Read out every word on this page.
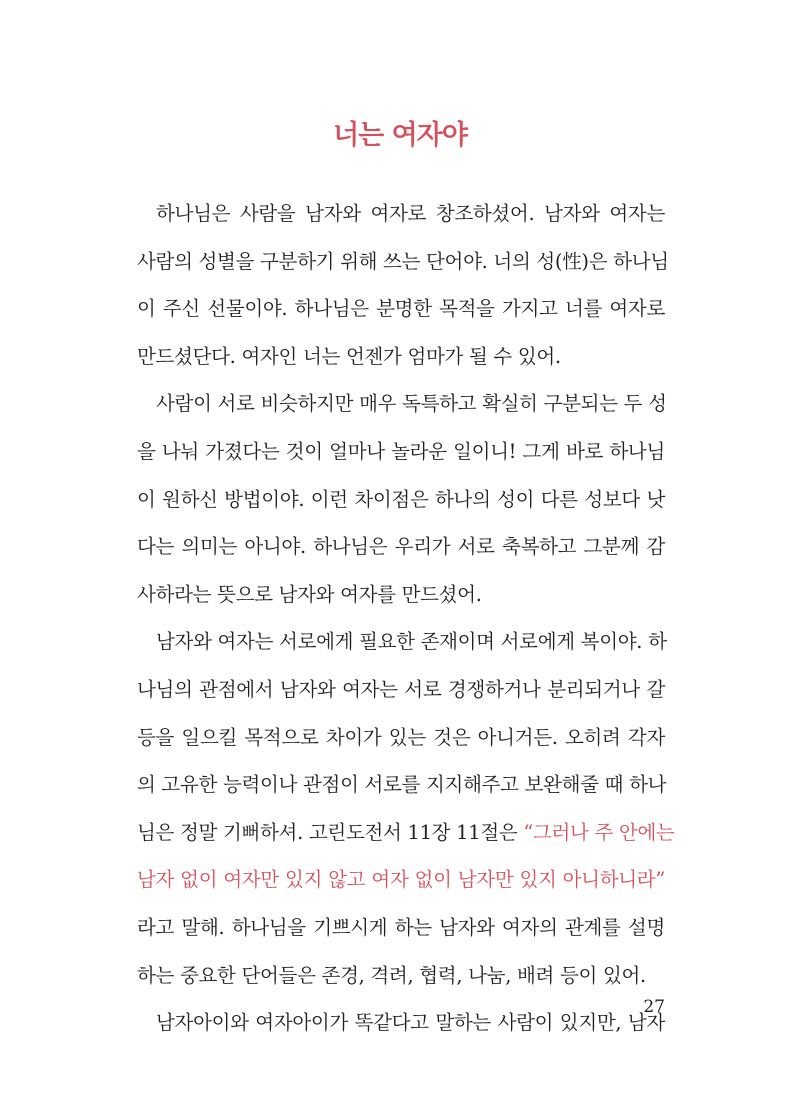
너는 여자야
하나님은 사람을 남자와 여자로 창조하셨어. 남자와 여자는
사람의 성별을 구분하기 위해 쓰는 단어야. 너의 성(性)은 하나님
이 주신 선물이야. 하나님은 분명한 목적을 가지고 너를 여자로
만드셨단다. 여자인 너는 언젠가 엄마가 될 수 있어.
사람이 서로 비슷하지만 매우 독특하고 확실히 구분되는 두 성
을 나눠 가졌다는 것이 얼마나 놀라운 일이니! 그게 바로 하나님
이 원하신 방법이야. 이런 차이점은 하나의 성이 다른 성보다 낫
다는 의미는 아니야. 하나님은 우리가 서로 축복하고 그분께 감
사하라는 뜻으로 남자와 여자를 만드셨어.
남자와 여자는 서로에게 필요한 존재이며 서로에게 복이야. 하
나님의 관점에서 남자와 여자는 서로 경쟁하거나 분리되거나 갈
등을 일으킬 목적으로 차이가 있는 것은 아니거든. 오히려 각자
의 고유한 능력이나 관점이 서로를 지지해주고 보완해줄 때 하나
님은 정말 기뻐하셔. 고린도전서 11장 11절은 “그러나 주 안에는
남자 없이 여자만 있지 않고 여자 없이 남자만 있지 아니하니라”
라고 말해. 하나님을 기쁘시게 하는 남자와 여자의 관계를 설명
하는 중요한 단어들은 존경, 격려, 협력, 나눔, 배려 등이 있어.
남자아이와 여자아이가 똑같다고 말하는 사람이 있지만, 남자
27
